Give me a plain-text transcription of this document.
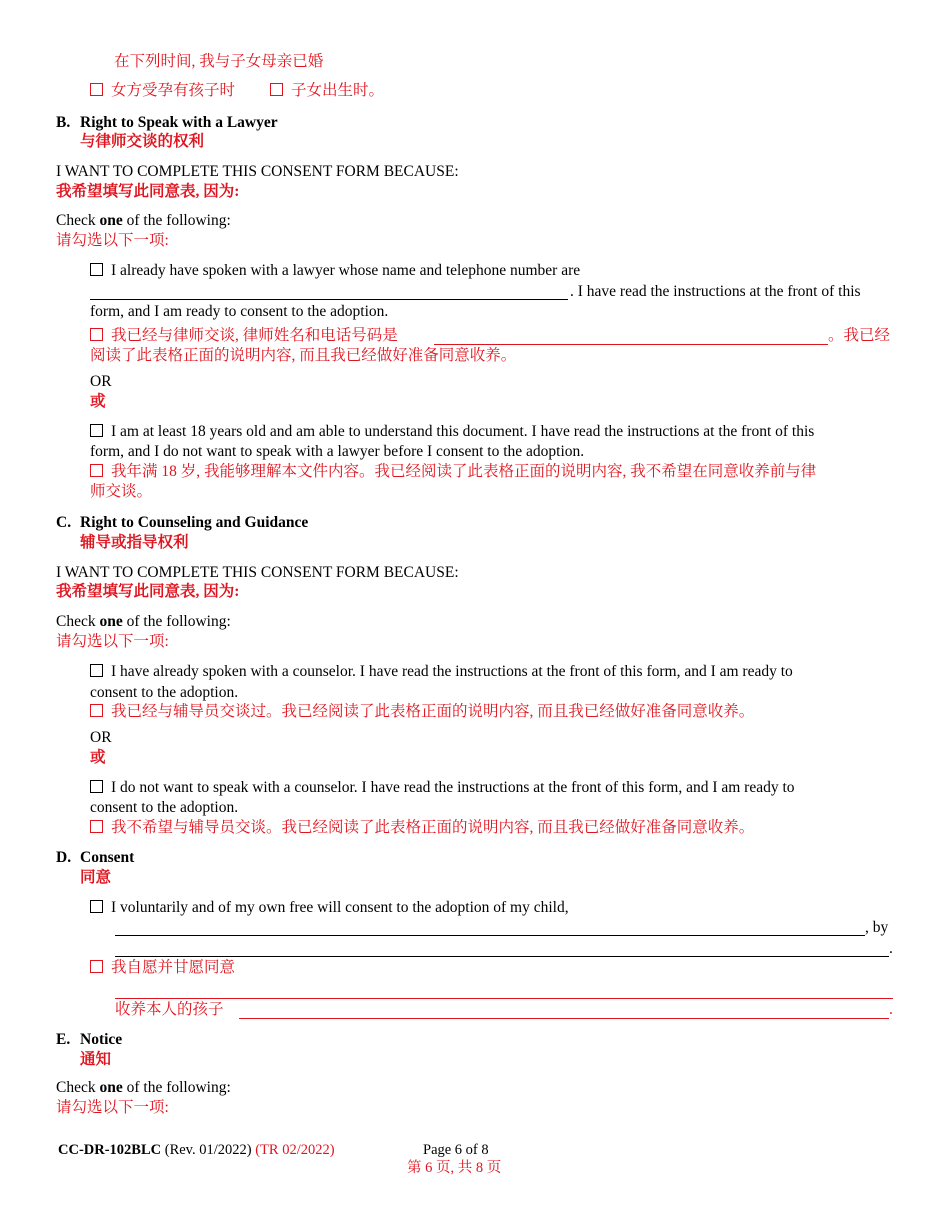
在下列时间, 我与子女母亲已婚
女方受孕有孩子时	子女出生时。
B. Right to Speak with a Lawyer
与律师交谈的权利
I WANT TO COMPLETE THIS CONSENT FORM BECAUSE:
我希望填写此同意表, 因为:
Check one of the following:
请勾选以下一项:
I already have spoken with a lawyer whose name and telephone number are
. I have read the instructions at the front of this
form, and I am ready to consent to the adoption.
我已经与律师交谈, 律师姓名和电话号码是	。我已经
阅读了此表格正面的说明内容, 而且我已经做好准备同意收养。
OR
或
I am at least 18 years old and am able to understand this document. I have read the instructions at the front of this
form, and I do not want to speak with a lawyer before I consent to the adoption.
我年满 18 岁, 我能够理解本文件内容。我已经阅读了此表格正面的说明内容, 我不希望在同意收养前与律
师交谈。
C. Right to Counseling and Guidance
辅导或指导权利
I WANT TO COMPLETE THIS CONSENT FORM BECAUSE:
我希望填写此同意表, 因为:
Check one of the following:
请勾选以下一项:
I have already spoken with a counselor. I have read the instructions at the front of this form, and I am ready to
consent to the adoption.
我已经与辅导员交谈过。我已经阅读了此表格正面的说明内容, 而且我已经做好准备同意收养。
OR
或
I do not want to speak with a counselor. I have read the instructions at the front of this form, and I am ready to
consent to the adoption.
我不希望与辅导员交谈。我已经阅读了此表格正面的说明内容, 而且我已经做好准备同意收养。
D. Consent
同意
I voluntarily and of my own free will consent to the adoption of my child,
, by
.
我自愿并甘愿同意
收养本人的孩子	.
E. Notice
通知
Check one of the following:
请勾选以下一项:
CC-DR-102BLC (Rev. 01/2022) (TR 02/2022)	Page 6 of 8
第 6 页, 共 8 页
